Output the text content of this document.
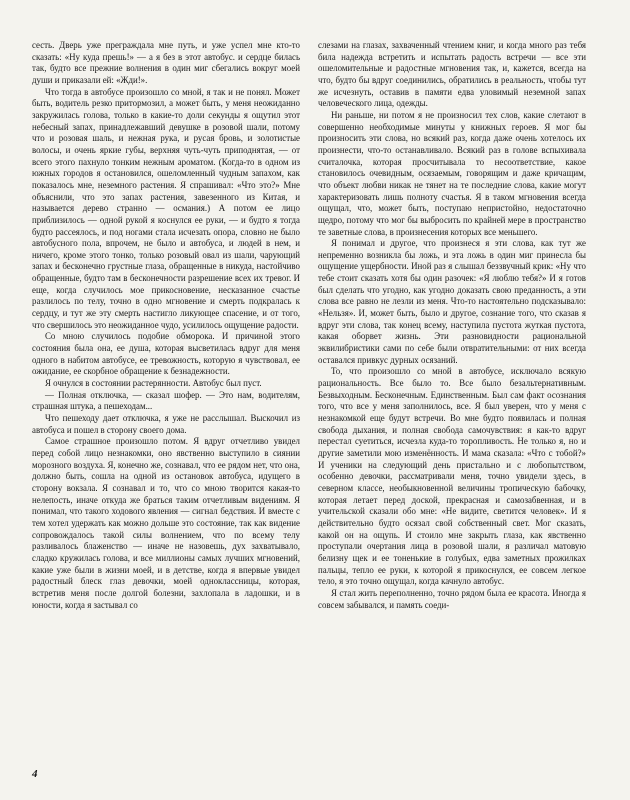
сесть. Дверь уже преграждала мне путь, и уже успел мне кто-то сказать: «Ну куда прешь!» — а я без в этот автобус. и сердце билась так, будто все прежние волнения в один миг сбегались вокруг моей души и приказали ей: «Жди!».

Что тогда в автобусе произошло со мной, я так и не понял. Может быть, водитель резко притормозил, а может быть, у меня неожиданно закружилась голова, только в какие-то доли секунды я ощутил этот небесный запах, принадлежавший девушке в розовой шали, потому что и розовая шаль, и нежная рука, и русая бровь, и золотистые волосы, и очень яркие губы, верхняя чуть-чуть приподнятая, — от всего этого пахнуло тонким нежным ароматом. (Когда-то в одном из южных городов я остановился, ошеломленный чудным запахом, как показалось мне, неземного растения. Я спрашивал: «Что это?» Мне объяснили, что это запах растения, завезенного из Китая, и называется дерево странно — османия.) А потом ее лицо приблизилось — одной рукой я коснулся ее руки, — и будто я тогда будто рассеялось, и под ногами стала исчезать опора, словно не было автобусного пола, впрочем, не было и автобуса, и людей в нем, и ничего, кроме этого тонко, только розовый овал из шали, чарующий запах и бесконечно грустные глаза, обращенные в никуда, настойчиво обращенные, будто там в бесконечности разрешение всех их тревог. И еще, когда случилось мое прикосновение, несказанное счастье разлилось по телу, точно в одно мгновение и смерть подкралась к сердцу, и тут же эту смерть настигло ликующее спасение, и от того, что свершилось это неожиданное чудо, усилилось ощущение радости.

Со мною случилось подобие обморока. И причиной этого состояния была она, ее душа, которая высветилась вдруг для меня одного в набитом автобусе, ее тревожность, которую я чувствовал, ее ожидание, ее скорбное обращение к безнадежности.

Я очнулся в состоянии растерянности. Автобус был пуст.

— Полная отключка, — сказал шофер. — Это нам, водителям, страшная штука, а пешеходам...

Что пешеходу дает отключка, я уже не расслышал. Выскочил из автобуса и пошел в сторону своего дома.

Самое страшное произошло потом. Я вдруг отчетливо увидел перед собой лицо незнакомки, оно явственно выступило в сиянии морозного воздуха. Я, конечно же, сознавал, что ее рядом нет, что она, должно быть, сошла на одной из остановок автобуса, идущего в сторону вокзала. Я сознавал и то, что со мною творится какая-то нелепость, иначе откуда же браться таким отчетливым видениям. Я понимал, что такого ходового явления — сигнал бедствия. И вместе с тем хотел удержать как можно дольше это состояние, так как видение сопровождалось такой силы волнением, что по всему телу разливалось блаженство — иначе не назовешь, дух захватывало, сладко кружилась голова, и все миллионы самых лучших мгновений, какие уже были в жизни моей, и в детстве, когда я впервые увидел радостный блеск глаз девочки, моей одноклассницы, которая, встретив меня после долгой болезни, захлопала в ладошки, и в юности, когда я застывал со

слезами на глазах, захваченный чтением книг, и когда много раз тебя била надежда встретить и испытать радость встречи — все эти ошеломительные и радостные мгновения так, и, кажется, всегда на что, будто бы вдруг соединились, обратились в реальность, чтобы тут же исчезнуть, оставив в памяти едва уловимый неземной запах человеческого лица, одежды.

Ни раньше, ни потом я не произносил тех слов, какие слетают в совершенно необходимые минуты у книжных героев. Я мог бы произносить эти слова, но всякий раз, когда даже очень хотелось их произнести, что-то останавливало. Всякий раз в голове вспыхивала считалочка, которая просчитывала то несоответствие, какое становилось очевидным, осязаемым, говорящим и даже кричащим, что объект любви никак не тянет на те последние слова, какие могут характеризовать лишь полноту счастья. Я в таком мгновения всегда ощущал, что, может быть, поступаю непристойно, недостаточно щедро, потому что мог бы выбросить по крайней мере в пространство те заветные слова, в произнесения которых все меньшего.

Я понимал и другое, что произнеся я эти слова, как тут же непременно возникла бы ложь, и эта ложь в один миг принесла бы ощущение ущербности. Иной раз я слышал беззвучный крик: «Ну что тебе стоит сказать хотя бы один разочек: «Я люблю тебя?» И я готов был сделать что угодно, как угодно доказать свою преданность, а эти слова все равно не лезли из меня. Что-то настоятельно подсказывало: «Нельзя». И, может быть, было и другое, сознание того, что сказав я вдруг эти слова, так конец всему, наступила пустота жуткая пустота, какая оборвет жизнь. Эти разновидности рациональной эквилибристики сами по себе были отвратительными: от них всегда оставался привкус дурных осязаний.

То, что произошло со мной в автобусе, исключало всякую рациональность. Все было то. Все было безальтернативным. Безвыходным. Бесконечным. Единственным. Был сам факт осознания того, что все у меня заполнилось, все. Я был уверен, что у меня с незнакомкой еще будут встречи. Во мне будто появилась и полная свобода дыхания, и полная свобода самочувствия: я как-то вдруг перестал суетиться, исчезла куда-то торопливость. Не только я, но и другие заметили мою изменённость. И мама сказала: «Что с тобой?» И ученики на следующий день пристально и с любопытством, особенно девочки, рассматривали меня, точно увидели здесь, в северном классе, необыкновенной величины тропическую бабочку, которая летает перед доской, прекрасная и самозабвенная, и в учительской сказали обо мне: «Не видите, светится человек». И я действительно будто осязал свой собственный свет. Мог сказать, какой он на ощупь. И стоило мне закрыть глаза, как явственно проступали очертания лица в розовой шали, я различал матовую белизну щек и ее тоненькие в голубых, едва заметных прожилках пальцы, тепло ее руки, к которой я прикоснулся, ее совсем легкое тело, я это точно ощущал, когда качнуло автобус.

Я стал жить переполненно, точно рядом была ее красота. Иногда я совсем забывался, и память соеди-

4
